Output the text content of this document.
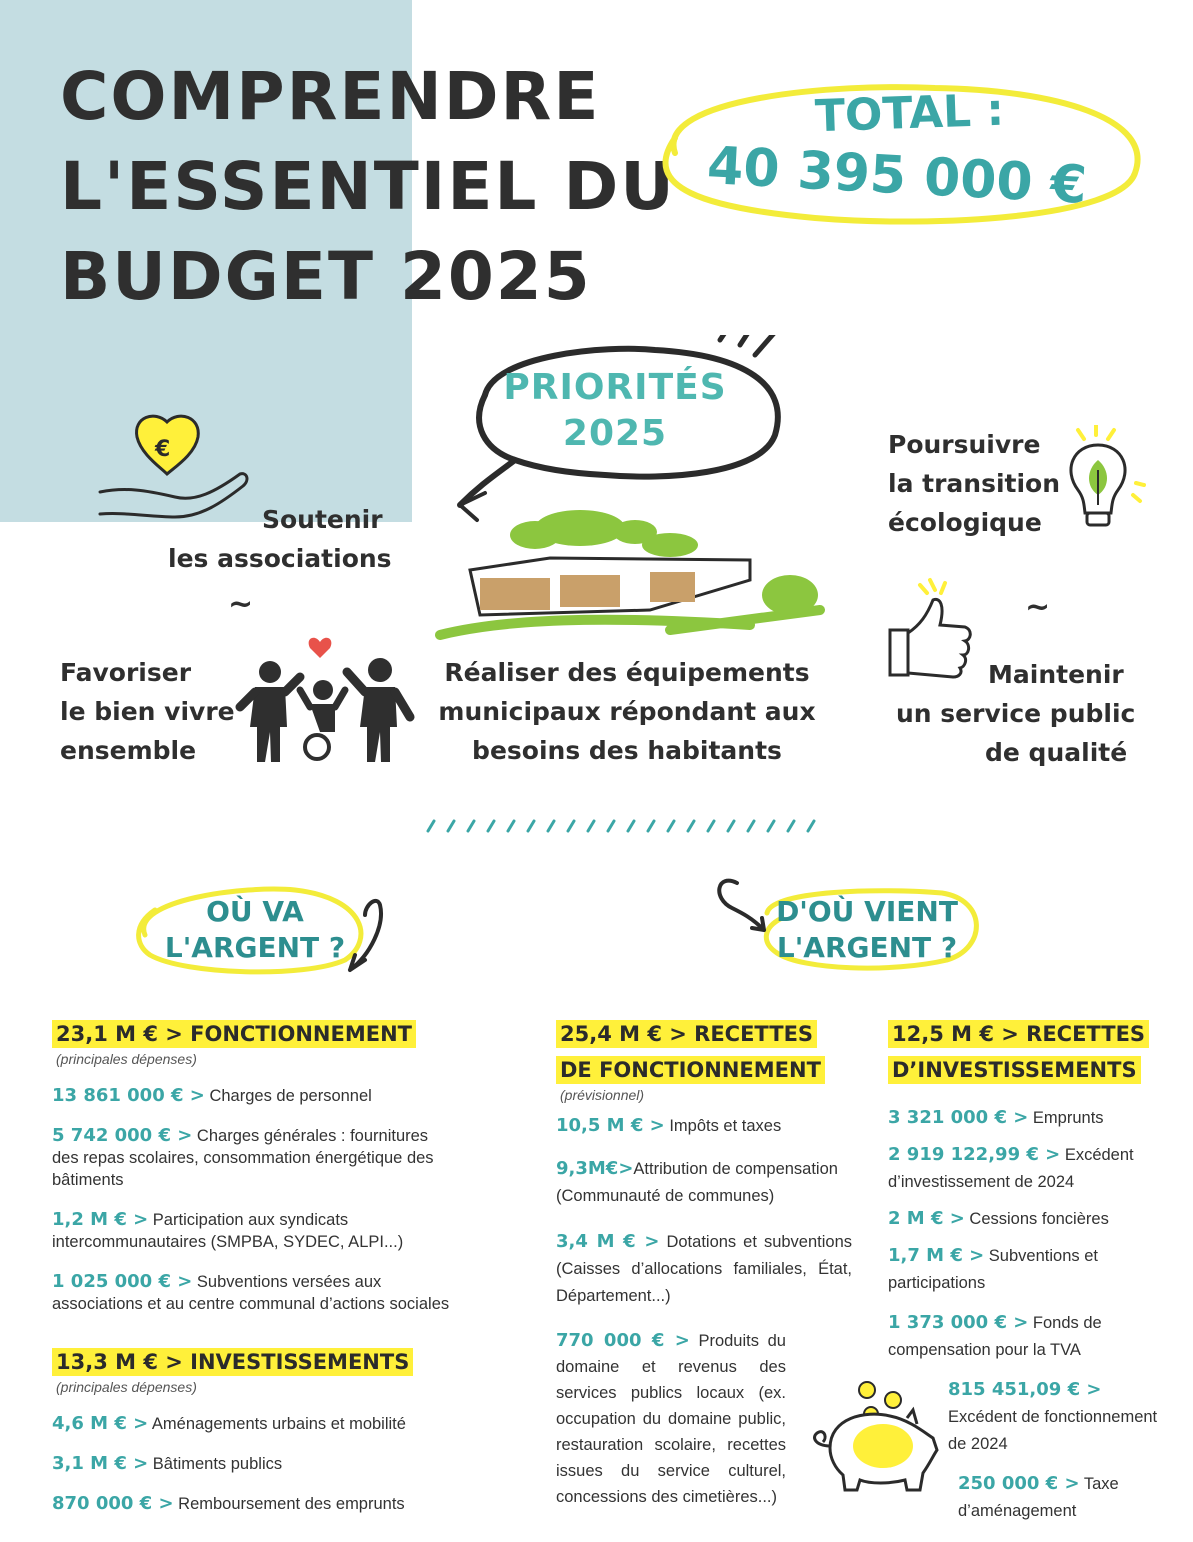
COMPRENDRE
L'ESSENTIEL DU
BUDGET 2025
TOTAL :
40 395 000 €
PRIORITÉS
2025
€
Soutenir
les associations
~
Poursuivre
la transition
écologique
Favoriser
le bien vivre
ensemble
Réaliser des équipements
municipaux répondant aux
besoins des habitants
~
Maintenir
un service public
de qualité
OÙ VA
L'ARGENT ?
D'OÙ VIENT
L'ARGENT ?
23,1 M € > FONCTIONNEMENT
(principales dépenses)
13 861 000 € > Charges de personnel
5 742 000 € > Charges générales : fournitures des repas scolaires, consommation énergétique des bâtiments
1,2 M € > Participation aux syndicats intercommunautaires (SMPBA, SYDEC, ALPI...)
1 025 000 € > Subventions versées aux associations et au centre communal d’actions sociales
13,3 M € > INVESTISSEMENTS
(principales dépenses)
4,6 M € > Aménagements urbains et mobilité
3,1 M € > Bâtiments publics
870 000 € > Remboursement des emprunts
25,4 M € > RECETTES
DE FONCTIONNEMENT
(prévisionnel)
10,5 M € > Impôts et taxes
9,3M€>Attribution de compensation (Communauté de communes)
3,4 M € > Dotations et subventions (Caisses d’allocations familiales, État, Département...)
770 000 € > Produits du domaine et revenus des services publics locaux (ex. occupation du domaine public, restauration scolaire, recettes issues du service culturel, concessions des cimetières...)
12,5 M € > RECETTES
D’INVESTISSEMENTS
3 321 000 € > Emprunts
2 919 122,99 € > Excédent d’investissement de 2024
2 M € > Cessions foncières
1,7 M € > Subventions et participations
1 373 000 € > Fonds de compensation pour la TVA
815 451,09 € > Excédent de fonctionnement de 2024
250 000 € > Taxe d’aménagement
